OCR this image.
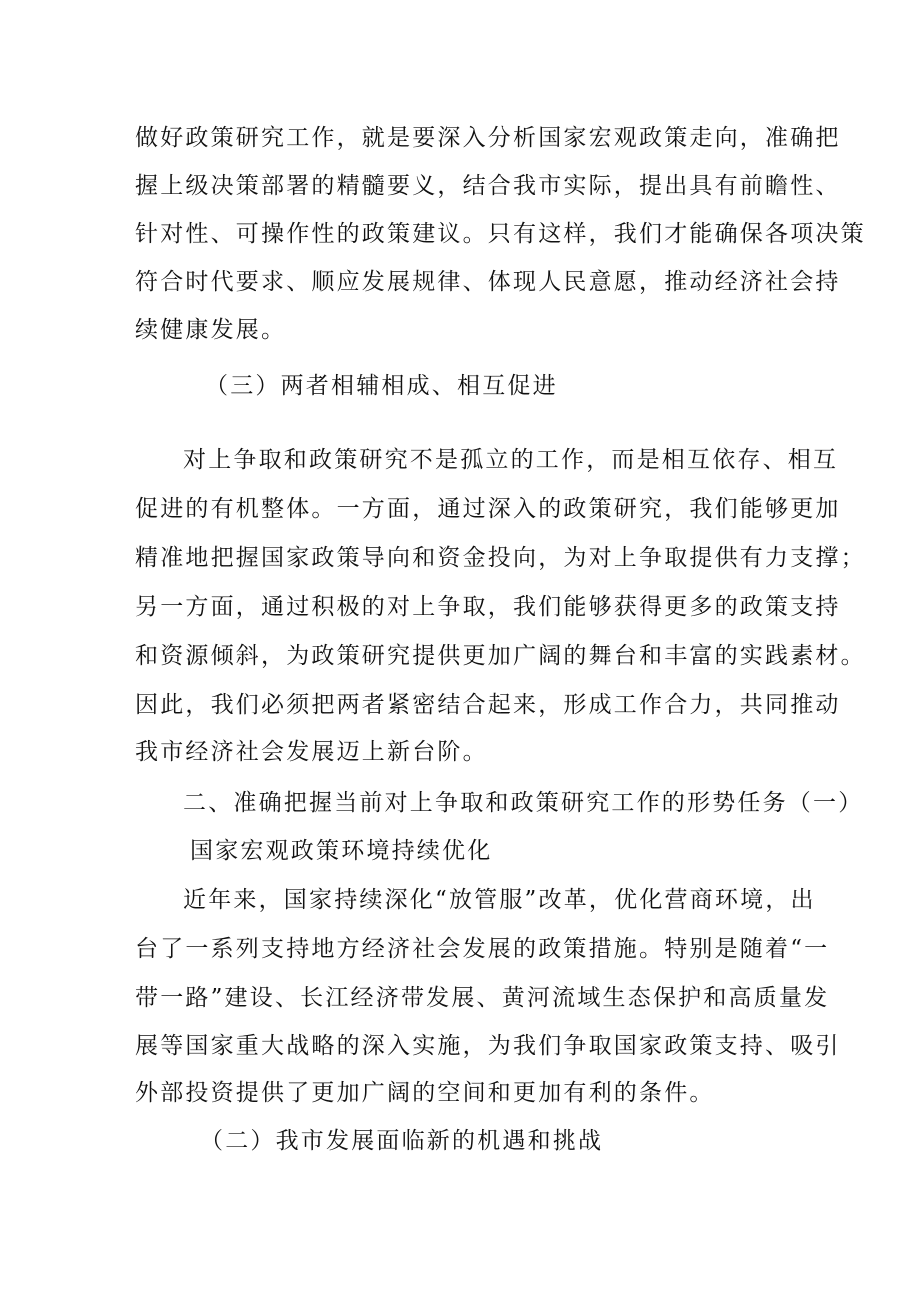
做好政策研究工作，就是要深入分析国家宏观政策走向，准确把
握上级决策部署的精髓要义，结合我市实际，提出具有前瞻性、
针对性、可操作性的政策建议。只有这样，我们才能确保各项决策
符合时代要求、顺应发展规律、体现人民意愿，推动经济社会持
续健康发展。
（三）两者相辅相成、相互促进
对上争取和政策研究不是孤立的工作，而是相互依存、相互
促进的有机整体。一方面，通过深入的政策研究，我们能够更加
精准地把握国家政策导向和资金投向，为对上争取提供有力支撑；
另一方面，通过积极的对上争取，我们能够获得更多的政策支持
和资源倾斜，为政策研究提供更加广阔的舞台和丰富的实践素材。
因此，我们必须把两者紧密结合起来，形成工作合力，共同推动
我市经济社会发展迈上新台阶。
二、准确把握当前对上争取和政策研究工作的形势任务（一）
国家宏观政策环境持续优化
近年来，国家持续深化“放管服”改革，优化营商环境，出
台了一系列支持地方经济社会发展的政策措施。特别是随着“一
带一路”建设、长江经济带发展、黄河流域生态保护和高质量发
展等国家重大战略的深入实施，为我们争取国家政策支持、吸引
外部投资提供了更加广阔的空间和更加有利的条件。
（二）我市发展面临新的机遇和挑战
